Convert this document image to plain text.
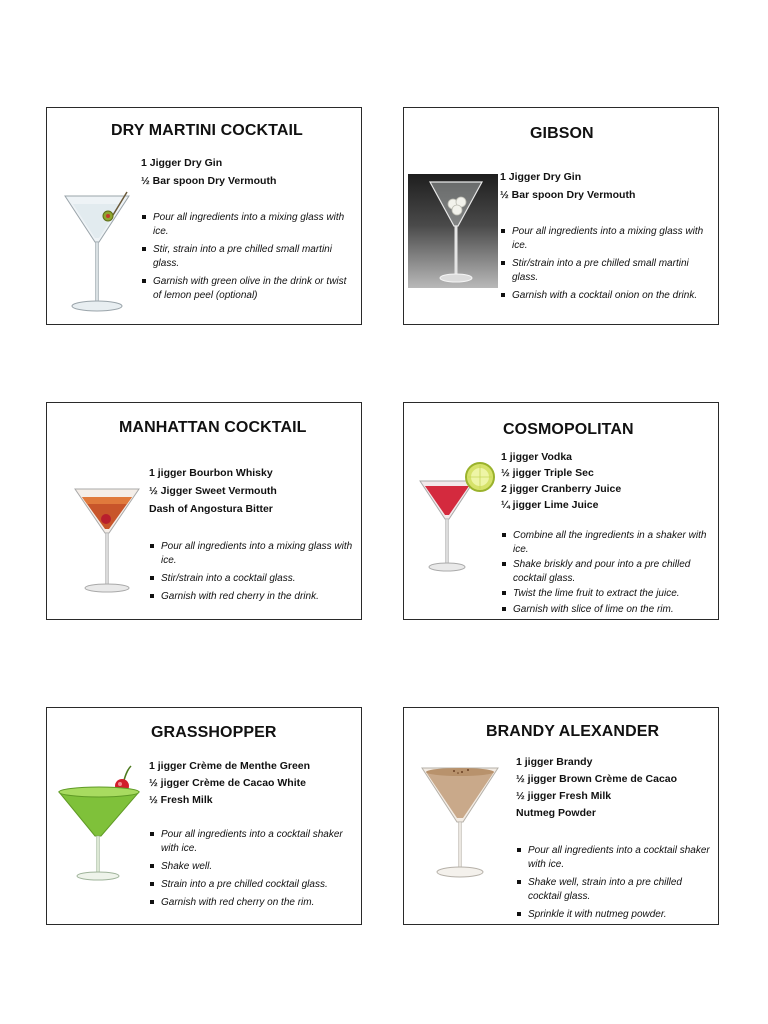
DRY MARTINI COCKTAIL
1 Jigger Dry Gin
½ Bar spoon Dry Vermouth
Pour all ingredients into a mixing glass with ice.
Stir, strain into a pre chilled small martini glass.
Garnish with green olive in the drink or twist of lemon peel (optional)
GIBSON
1 Jigger Dry Gin
½ Bar spoon Dry Vermouth
Pour all ingredients into a mixing glass with ice.
Stir/strain into a pre chilled small martini glass.
Garnish with a cocktail onion on the drink.
MANHATTAN COCKTAIL
1 jigger Bourbon Whisky
½ Jigger Sweet Vermouth
Dash of Angostura Bitter
Pour all ingredients into a mixing glass with ice.
Stir/strain into a cocktail glass.
Garnish with red cherry in the drink.
COSMOPOLITAN
1 jigger Vodka
½ jigger Triple Sec
2 jigger Cranberry Juice
¼ jigger Lime Juice
Combine all the ingredients in a shaker with ice.
Shake briskly and pour into a pre chilled cocktail glass.
Twist the lime fruit to extract the juice.
Garnish with slice of lime on the rim.
GRASSHOPPER
1 jigger Crème de Menthe Green
½ jigger Crème de Cacao White
½ Fresh Milk
Pour all ingredients into a cocktail shaker with ice.
Shake well.
Strain into a pre chilled cocktail glass.
Garnish with red cherry on the rim.
BRANDY ALEXANDER
1 jigger Brandy
½ jigger Brown Crème de Cacao
½ jigger Fresh Milk
Nutmeg Powder
Pour all ingredients into a cocktail shaker with ice.
Shake well, strain into a pre chilled cocktail glass.
Sprinkle it with nutmeg powder.
